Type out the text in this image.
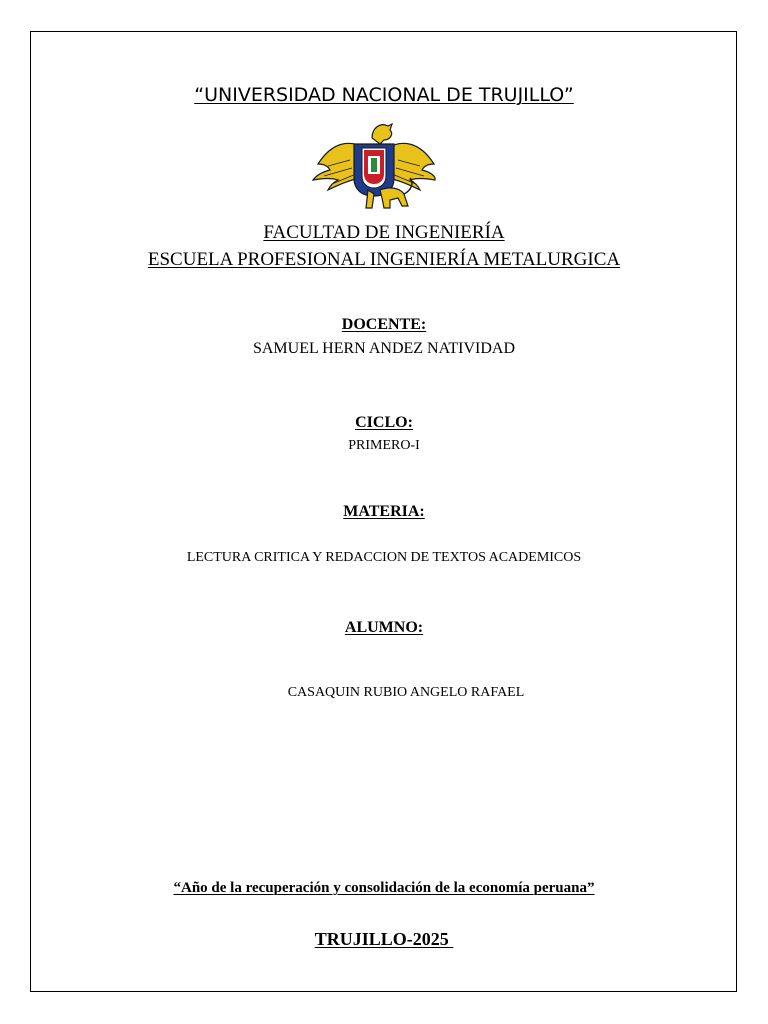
“UNIVERSIDAD NACIONAL DE TRUJILLO”
FACULTAD DE INGENIERÍA
ESCUELA PROFESIONAL INGENIERÍA METALURGICA
DOCENTE:
SAMUEL HERN ANDEZ NATIVIDAD
CICLO:
PRIMERO-I
MATERIA:
LECTURA CRITICA Y REDACCION DE TEXTOS ACADEMICOS
ALUMNO:
CASAQUIN RUBIO ANGELO RAFAEL
“Año de la recuperación y consolidación de la economía peruana”
TRUJILLO-2025
